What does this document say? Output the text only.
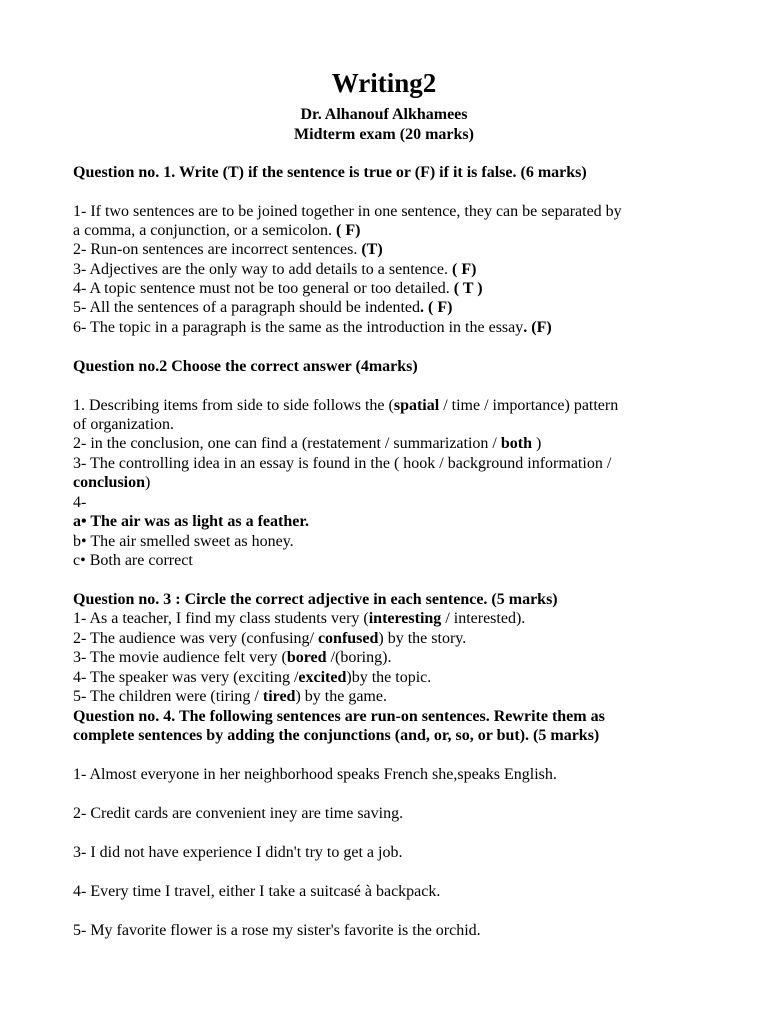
Writing2

Dr. Alhanouf Alkhamees

Midterm exam (20 marks)

Question no. 1. Write (T) if the sentence is true or (F) if it is false. (6 marks)

1- If two sentences are to be joined together in one sentence, they can be separated by

a comma, a conjunction, or a semicolon. ( F)

2- Run-on sentences are incorrect sentences. (T)

3- Adjectives are the only way to add details to a sentence. ( F)

4- A topic sentence must not be too general or too detailed. ( T )

5- All the sentences of a paragraph should be indented. ( F)

6- The topic in a paragraph is the same as the introduction in the essay. (F)

Question no.2 Choose the correct answer (4marks)

1. Describing items from side to side follows the (spatial / time / importance) pattern

of organization.

2- in the conclusion, one can find a (restatement / summarization / both )

3- The controlling idea in an essay is found in the ( hook / background information /

conclusion)

4-

a• The air was as light as a feather.

b• The air smelled sweet as honey.

c• Both are correct

Question no. 3 : Circle the correct adjective in each sentence. (5 marks)

1- As a teacher, I find my class students very (interesting / interested).

2- The audience was very (confusing/ confused) by the story.

3- The movie audience felt very (bored /(boring).

4- The speaker was very (exciting /excited)by the topic.

5- The children were (tiring / tired) by the game.

Question no. 4. The following sentences are run-on sentences. Rewrite them as

complete sentences by adding the conjunctions (and, or, so, or but). (5 marks)

1- Almost everyone in her neighborhood speaks French she,speaks English.

2- Credit cards are convenient iney are time saving.

3- I did not have experience I didn't try to get a job.

4- Every time I travel, either I take a suitcasé à backpack.

5- My favorite flower is a rose my sister's favorite is the orchid.
